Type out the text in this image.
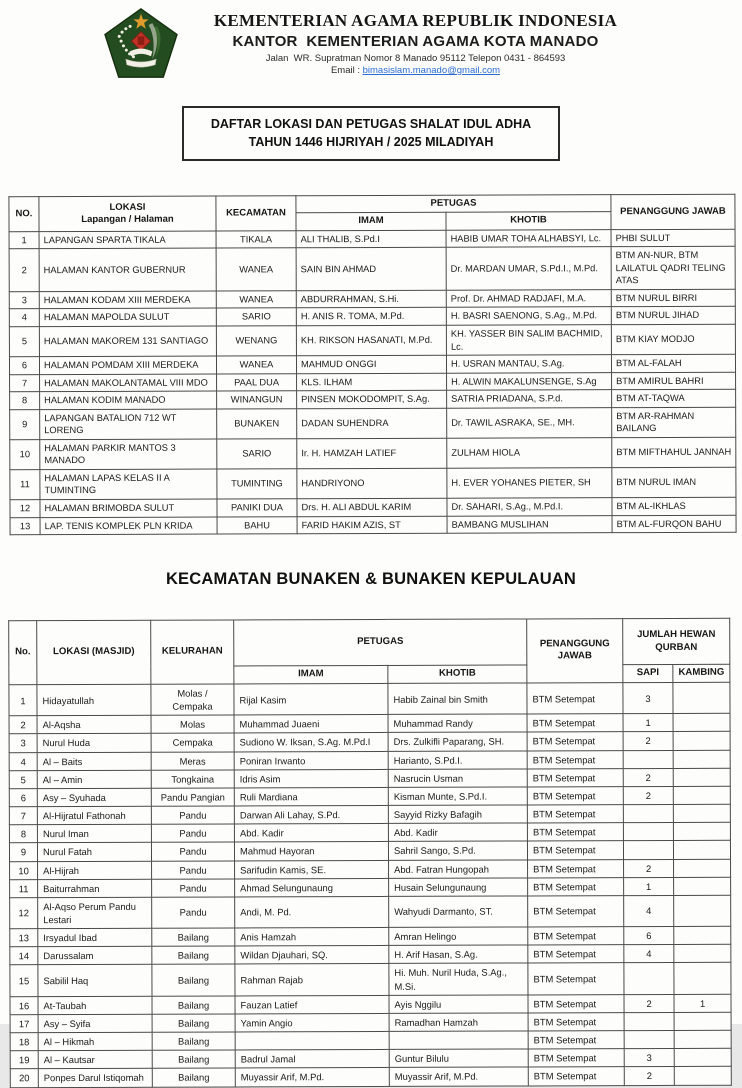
KEMENTERIAN AGAMA REPUBLIK INDONESIA
KANTOR  KEMENTERIAN AGAMA KOTA MANADO
Jalan  WR. Supratman Nomor 8 Manado 95112 Telepon 0431 - 864593
Email : bimasislam.manado@gmail.com
DAFTAR LOKASI DAN PETUGAS SHALAT IDUL ADHA
TAHUN 1446 HIJRIYAH / 2025 MILADIYAH
NO.	LOKASI
Lapangan / Halaman	KECAMATAN	PETUGAS		PENANGGUNG JAWAB
			IMAM	KHOTIB	
1	LAPANGAN SPARTA TIKALA	TIKALA	ALI THALIB, S.Pd.I	HABIB UMAR TOHA ALHABSYI, Lc.	PHBI SULUT
2	HALAMAN KANTOR GUBERNUR	WANEA	SAIN BIN AHMAD	Dr. MARDAN UMAR, S.Pd.I., M.Pd.	BTM AN-NUR, BTM LAILATUL QADRI TELING ATAS
3	HALAMAN KODAM XIII MERDEKA	WANEA	ABDURRAHMAN, S.Hi.	Prof. Dr. AHMAD RADJAFI, M.A.	BTM NURUL BIRRI
4	HALAMAN MAPOLDA SULUT	SARIO	H. ANIS R. TOMA, M.Pd.	H. BASRI SAENONG, S.Ag., M.Pd.	BTM NURUL JIHAD
5	HALAMAN MAKOREM 131 SANTIAGO	WENANG	KH. RIKSON HASANATI, M.Pd.	KH. YASSER BIN SALIM BACHMID, Lc.	BTM KIAY MODJO
6	HALAMAN POMDAM XIII MERDEKA	WANEA	MAHMUD ONGGI	H. USRAN MANTAU, S.Ag.	BTM AL-FALAH
7	HALAMAN MAKOLANTAMAL VIII MDO	PAAL DUA	KLS. ILHAM	H. ALWIN MAKALUNSENGE, S.Ag	BTM AMIRUL BAHRI
8	HALAMAN KODIM MANADO	WINANGUN	PINSEN MOKODOMPIT, S.Ag.	SATRIA PRIADANA, S.P.d.	BTM AT-TAQWA
9	LAPANGAN BATALION 712 WT LORENG	BUNAKEN	DADAN SUHENDRA	Dr. TAWIL ASRAKA, SE., MH.	BTM AR-RAHMAN BAILANG
10	HALAMAN PARKIR MANTOS 3 MANADO	SARIO	Ir. H. HAMZAH LATIEF	ZULHAM HIOLA	BTM MIFTHAHUL JANNAH
11	HALAMAN LAPAS KELAS II A TUMINTING	TUMINTING	HANDRIYONO	H. EVER YOHANES PIETER, SH	BTM NURUL IMAN
12	HALAMAN BRIMOBDA SULUT	PANIKI DUA	Drs. H. ALI ABDUL KARIM	Dr. SAHARI, S.Ag., M.Pd.I.	BTM AL-IKHLAS
13	LAP. TENIS KOMPLEK PLN KRIDA	BAHU	FARID HAKIM AZIS, ST	BAMBANG MUSLIHAN	BTM AL-FURQON BAHU
KECAMATAN BUNAKEN & BUNAKEN KEPULAUAN
No.	LOKASI (MASJID)	KELURAHAN	PETUGAS		PENANGGUNG JAWAB	JUMLAH HEWAN QURBAN	
			IMAM	KHOTIB		SAPI	KAMBING
1	Hidayatullah	Molas / Cempaka	Rijal Kasim	Habib Zainal bin Smith	BTM Setempat	3	
2	Al-Aqsha	Molas	Muhammad Juaeni	Muhammad Randy	BTM Setempat	1	
3	Nurul Huda	Cempaka	Sudiono W. Iksan, S.Ag. M.Pd.I	Drs. Zulkifli Paparang, SH.	BTM Setempat	2	
4	Al – Baits	Meras	Poniran Irwanto	Harianto, S.Pd.I.	BTM Setempat		
5	Al – Amin	Tongkaina	Idris Asim	Nasrucin Usman	BTM Setempat	2	
6	Asy – Syuhada	Pandu Pangian	Ruli Mardiana	Kisman Munte, S.Pd.I.	BTM Setempat	2	
7	Al-Hijratul Fathonah	Pandu	Darwan Ali Lahay, S.Pd.	Sayyid Rizky Bafagih	BTM Setempat		
8	Nurul Iman	Pandu	Abd. Kadir	Abd. Kadir	BTM Setempat		
9	Nurul Fatah	Pandu	Mahmud Hayoran	Sahril Sango, S.Pd.	BTM Setempat		
10	Al-Hijrah	Pandu	Sarifudin Kamis, SE.	Abd. Fatran Hungopah	BTM Setempat	2	
11	Baiturrahman	Pandu	Ahmad Selungunaung	Husain Selungunaung	BTM Setempat	1	
12	Al-Aqso Perum Pandu Lestari	Pandu	Andi, M. Pd.	Wahyudi Darmanto, ST.	BTM Setempat	4	
13	Irsyadul Ibad	Bailang	Anis Hamzah	Amran Helingo	BTM Setempat	6	
14	Darussalam	Bailang	Wildan Djauhari, SQ.	H. Arif Hasan, S.Ag.	BTM Setempat	4	
15	Sabilil Haq	Bailang	Rahman Rajab	Hi. Muh. Nuril Huda, S.Ag., M.Si.	BTM Setempat		
16	At-Taubah	Bailang	Fauzan Latief	Ayis Nggilu	BTM Setempat	2	1
17	Asy – Syifa	Bailang	Yamin Angio	Ramadhan Hamzah	BTM Setempat		
18	Al – Hikmah	Bailang			BTM Setempat		
19	Al – Kautsar	Bailang	Badrul Jamal	Guntur Bilulu	BTM Setempat	3	
20	Ponpes Darul Istiqomah	Bailang	Muyassir Arif, M.Pd.	Muyassir Arif, M.Pd.	BTM Setempat	2	
